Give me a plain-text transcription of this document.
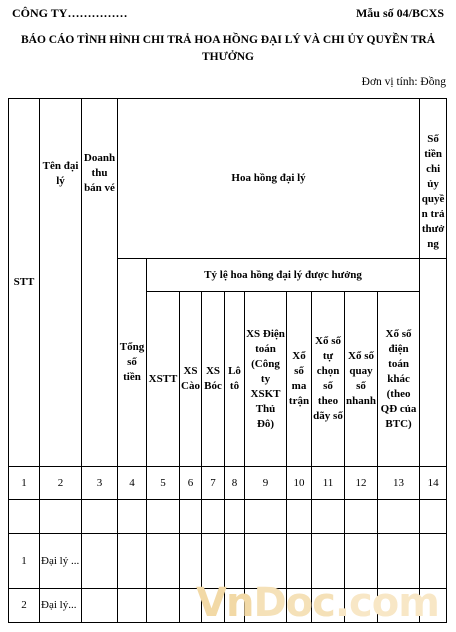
CÔNG TY……………	Mẫu số 04/BCXS
BÁO CÁO TÌNH HÌNH CHI TRẢ HOA HỒNG ĐẠI LÝ VÀ CHI ỦY QUYỀN TRẢ THƯỞNG
Đơn vị tính: Đồng
STT	Tên đại lý	Doanh thu bán vé	Hoa hồng đại lý										Số tiền chi ủy quyền trả thưởng
			Tổng số tiền	Tỷ lệ hoa hồng đại lý được hưởng									
				XSTT	XS Cào	XS Bóc	Lô tô	XS Điện toán (Công ty XSKT Thủ Đô)	Xổ số ma trận	Xổ số tự chọn số theo dãy số	Xổ số quay số nhanh	Xổ số điện toán khác (theo QĐ của BTC)	
1	2	3	4	5	6	7	8	9	10	11	12	13	14

1	Đại lý ...												
2	Đại lý...													VnDoc.com
